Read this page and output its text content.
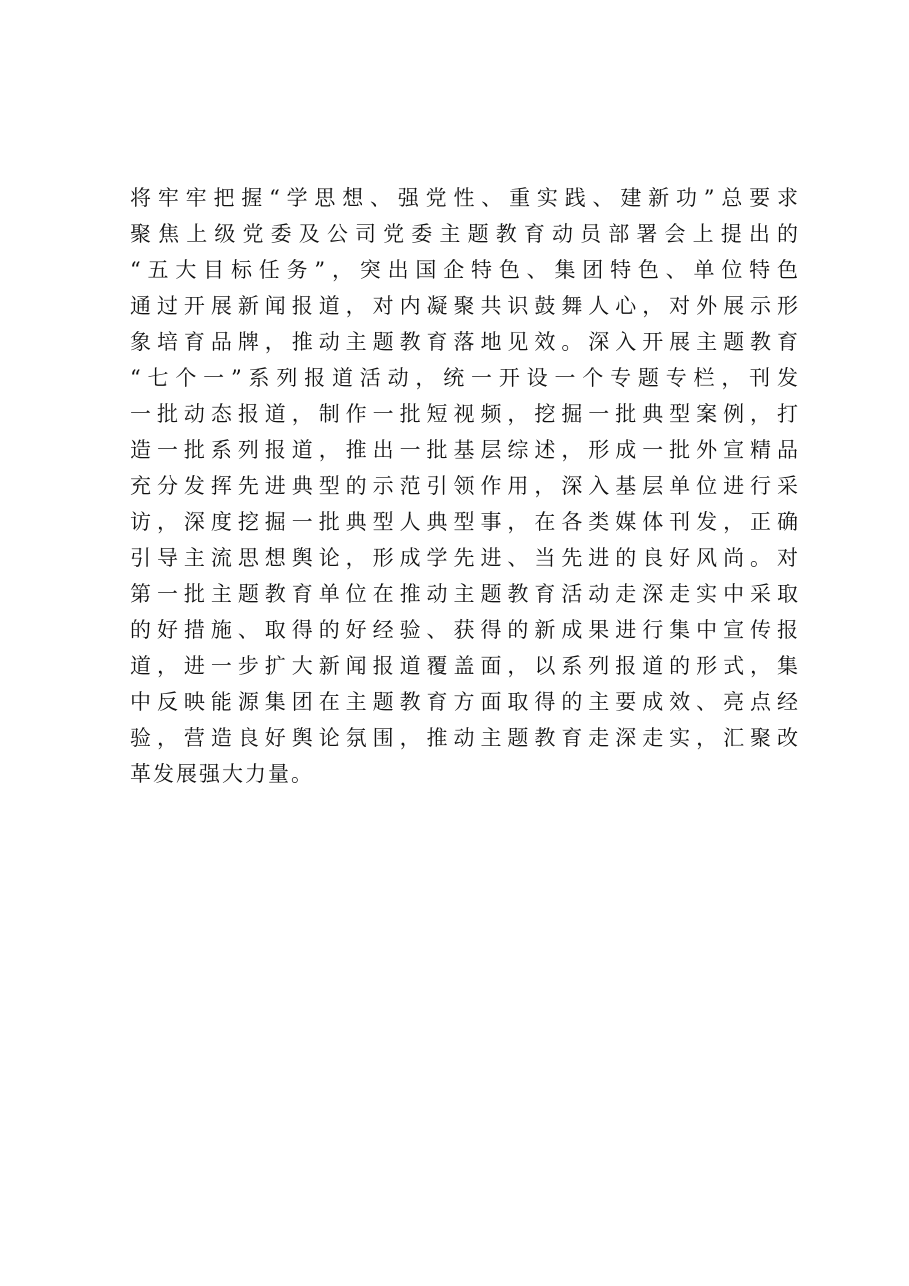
将牢牢把握“学思想、强党性、重实践、建新功”总要求
聚焦上级党委及公司党委主题教育动员部署会上提出的
“五大目标任务”，突出国企特色、集团特色、单位特色
通过开展新闻报道，对内凝聚共识鼓舞人心，对外展示形
象培育品牌，推动主题教育落地见效。深入开展主题教育
“七个一”系列报道活动，统一开设一个专题专栏，刊发
一批动态报道，制作一批短视频，挖掘一批典型案例，打
造一批系列报道，推出一批基层综述，形成一批外宣精品
充分发挥先进典型的示范引领作用，深入基层单位进行采
访，深度挖掘一批典型人典型事，在各类媒体刊发，正确
引导主流思想舆论，形成学先进、当先进的良好风尚。对
第一批主题教育单位在推动主题教育活动走深走实中采取
的好措施、取得的好经验、获得的新成果进行集中宣传报
道，进一步扩大新闻报道覆盖面，以系列报道的形式，集
中反映能源集团在主题教育方面取得的主要成效、亮点经
验，营造良好舆论氛围，推动主题教育走深走实，汇聚改
革发展强大力量。
